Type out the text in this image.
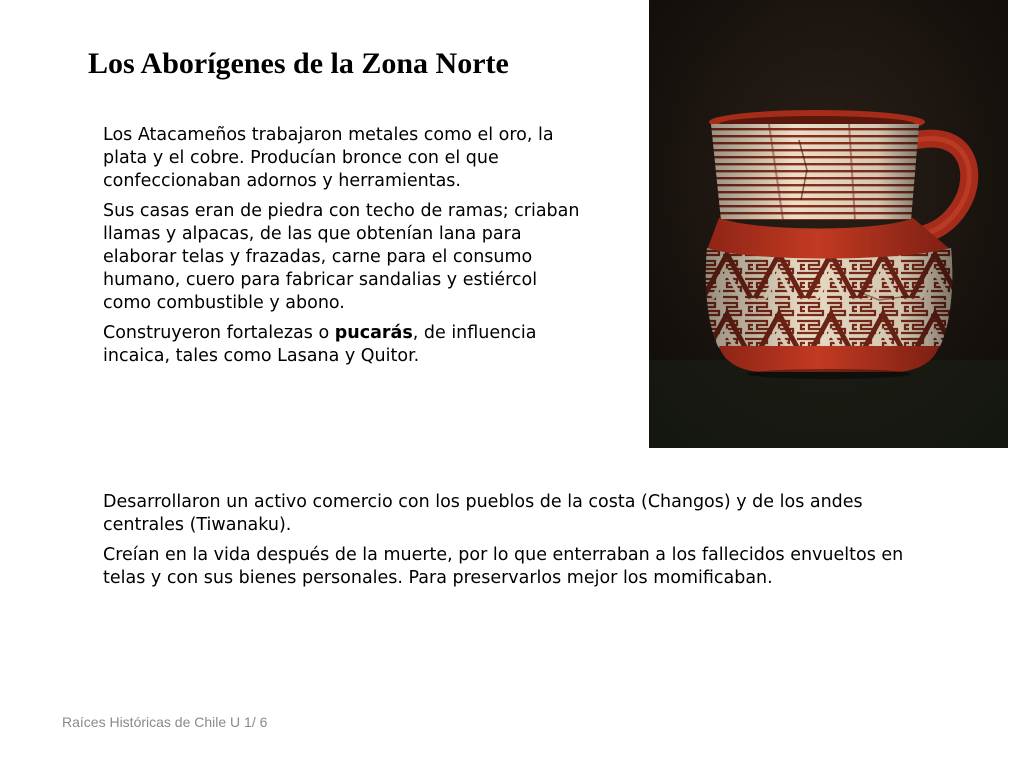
Los Aborígenes de la Zona Norte

Los Atacameños trabajaron metales como el oro, la plata y el cobre. Producían bronce con el que confeccionaban adornos y herramientas.

Sus casas eran de piedra con techo de ramas; criaban llamas y alpacas, de las que obtenían lana para elaborar telas y frazadas, carne para el consumo humano, cuero para fabricar sandalias y estiércol como combustible y abono.

Construyeron fortalezas o pucarás, de influencia incaica, tales como Lasana y Quitor.

Desarrollaron un activo comercio con los pueblos de la costa (Changos) y de los andes centrales (Tiwanaku).

Creían en la vida después de la muerte, por lo que enterraban a los fallecidos envueltos en telas y con sus bienes personales. Para preservarlos mejor los momificaban.

Raíces Históricas de Chile U 1/ 6
